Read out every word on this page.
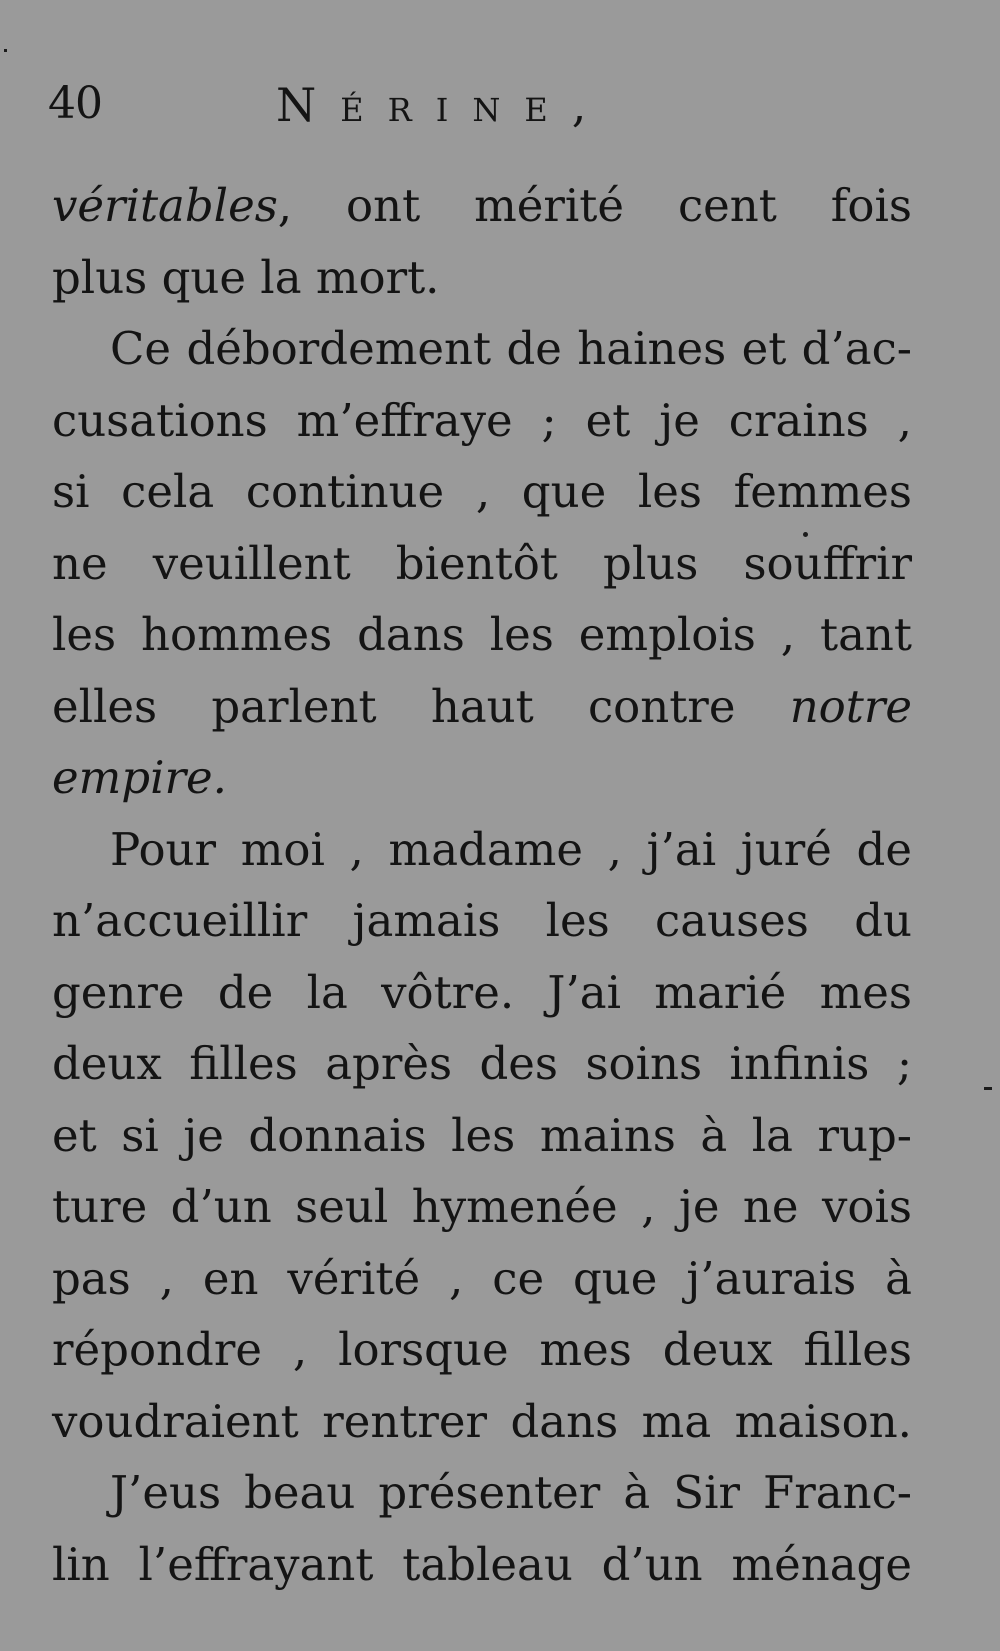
40	Nérine,
véritables, ont mérité cent fois
plus que la mort.
Ce débordement de haines et d’ac-
cusations m’effraye ; et je crains ,
si cela continue , que les femmes
ne veuillent bientôt plus souffrir
les hommes dans les emplois , tant
elles parlent haut contre notre
empire.
Pour moi , madame , j’ai juré de
n’accueillir jamais les causes du
genre de la vôtre. J’ai marié mes
deux filles après des soins infinis ;
et si je donnais les mains à la rup-
ture d’un seul hymenée , je ne vois
pas , en vérité , ce que j’aurais à
répondre , lorsque mes deux filles
voudraient rentrer dans ma maison.
J’eus beau présenter à Sir Franc-
lin l’effrayant tableau d’un ménage
